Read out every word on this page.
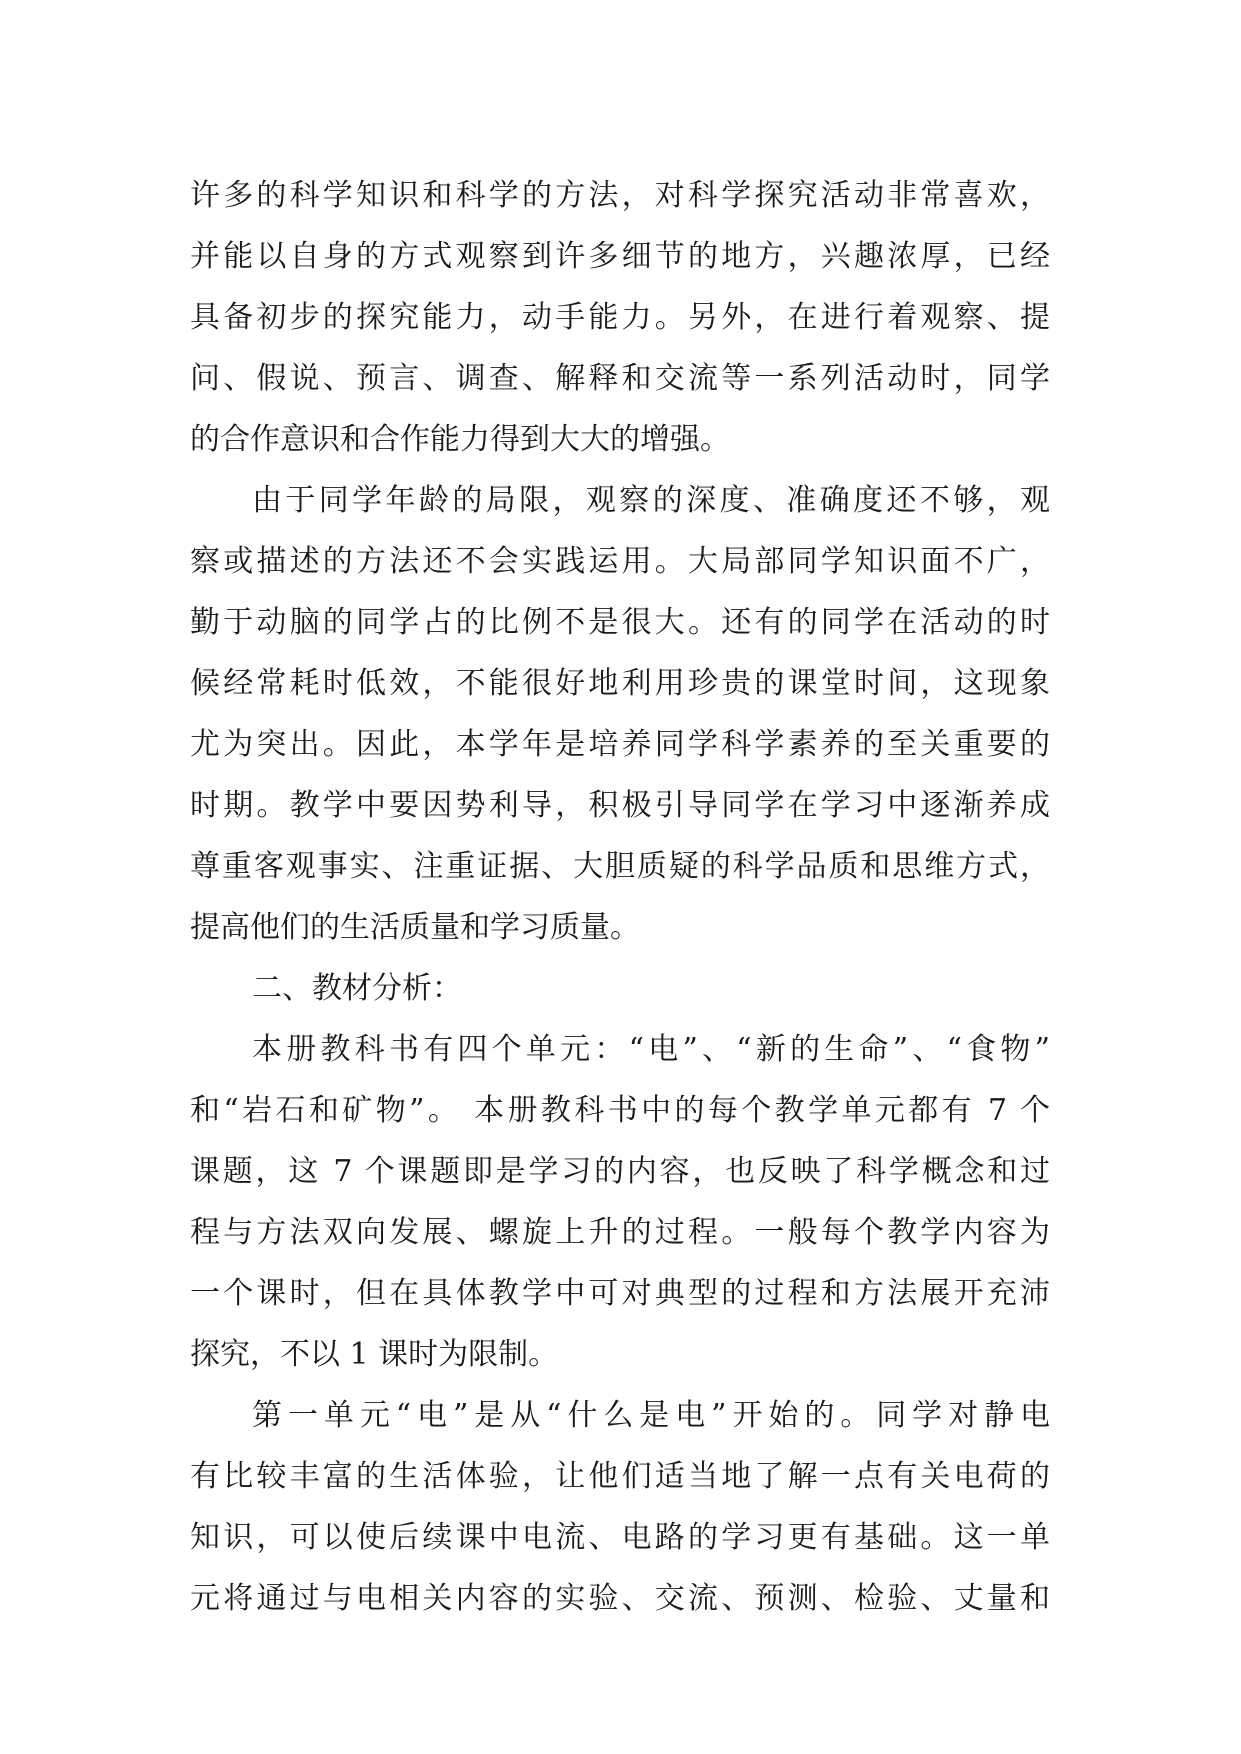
许多的科学知识和科学的方法，对科学探究活动非常喜欢，
并能以自身的方式观察到许多细节的地方，兴趣浓厚，已经
具备初步的探究能力，动手能力。另外，在进行着观察、提
问、假说、预言、调查、解释和交流等一系列活动时，同学
的合作意识和合作能力得到大大的增强。
由于同学年龄的局限，观察的深度、准确度还不够，观
察或描述的方法还不会实践运用。大局部同学知识面不广，
勤于动脑的同学占的比例不是很大。还有的同学在活动的时
候经常耗时低效，不能很好地利用珍贵的课堂时间，这现象
尤为突出。因此，本学年是培养同学科学素养的至关重要的
时期。教学中要因势利导，积极引导同学在学习中逐渐养成
尊重客观事实、注重证据、大胆质疑的科学品质和思维方式，
提高他们的生活质量和学习质量。
二、教材分析：
本册教科书有四个单元：“电”、“新的生命”、“食物”
和“岩石和矿物”。 本册教科书中的每个教学单元都有 7 个
课题，这 7 个课题即是学习的内容，也反映了科学概念和过
程与方法双向发展、螺旋上升的过程。一般每个教学内容为
一个课时，但在具体教学中可对典型的过程和方法展开充沛
探究，不以 1 课时为限制。
第一单元“电”是从“什么是电”开始的。同学对静电
有比较丰富的生活体验，让他们适当地了解一点有关电荷的
知识，可以使后续课中电流、电路的学习更有基础。这一单
元将通过与电相关内容的实验、交流、预测、检验、丈量和
